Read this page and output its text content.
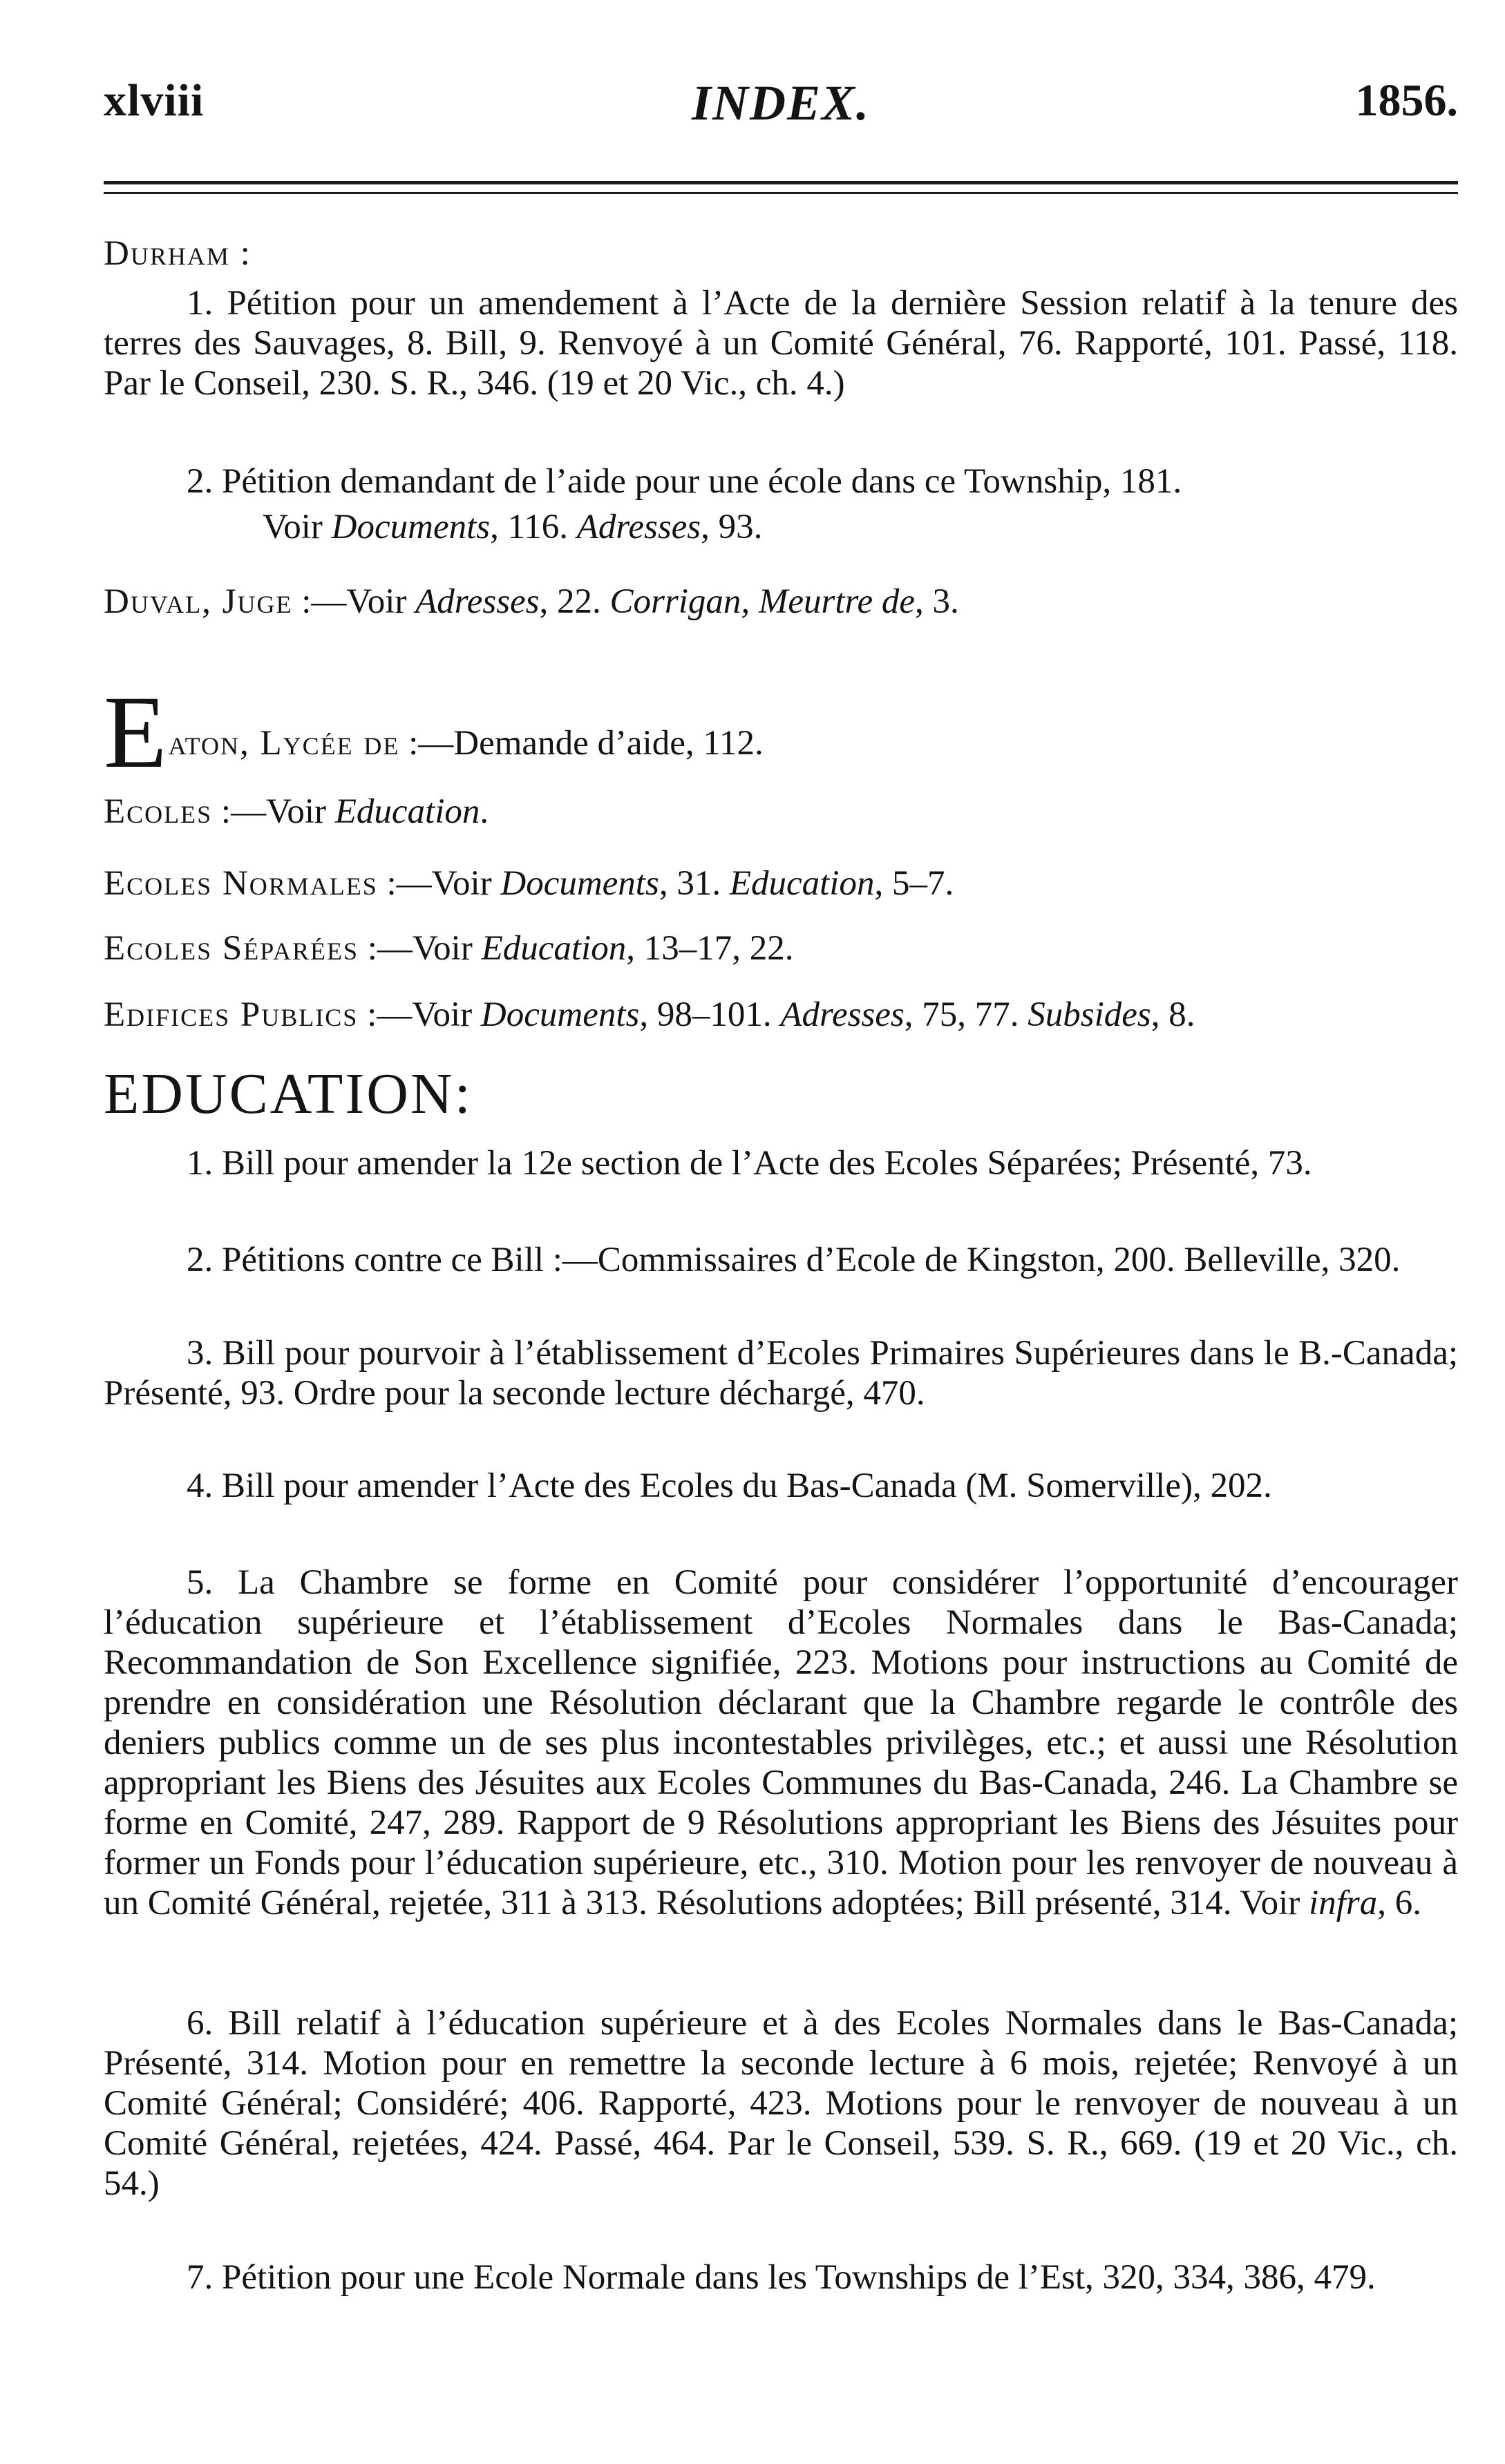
xlviii	INDEX.	1856.
Durham :
1. Pétition pour un amendement à l’Acte de la dernière Session relatif à la tenure des terres des Sauvages, 8. Bill, 9. Renvoyé à un Comité Général, 76. Rapporté, 101. Passé, 118. Par le Conseil, 230. S. R., 346. (19 et 20 Vic., ch. 4.)
2. Pétition demandant de l’aide pour une école dans ce Township, 181.
Voir Documents, 116. Adresses, 93.
Duval, Juge :—Voir Adresses, 22. Corrigan, Meurtre de, 3.
Eaton, Lycée de :—Demande d’aide, 112.
Ecoles :—Voir Education.
Ecoles Normales :—Voir Documents, 31. Education, 5–7.
Ecoles Séparées :—Voir Education, 13–17, 22.
Edifices Publics :—Voir Documents, 98–101. Adresses, 75, 77. Subsides, 8.
EDUCATION:
1. Bill pour amender la 12e section de l’Acte des Ecoles Séparées; Présenté, 73.
2. Pétitions contre ce Bill :—Commissaires d’Ecole de Kingston, 200. Belleville, 320.
3. Bill pour pourvoir à l’établissement d’Ecoles Primaires Supérieures dans le B.-Canada; Présenté, 93. Ordre pour la seconde lecture déchargé, 470.
4. Bill pour amender l’Acte des Ecoles du Bas-Canada (M. Somerville), 202.
5. La Chambre se forme en Comité pour considérer l’opportunité d’encourager l’éducation supérieure et l’établissement d’Ecoles Normales dans le Bas-Canada; Recommandation de Son Excellence signifiée, 223. Motions pour instructions au Comité de prendre en considération une Résolution déclarant que la Chambre regarde le contrôle des deniers publics comme un de ses plus incontestables privilèges, etc.; et aussi une Résolution appropriant les Biens des Jésuites aux Ecoles Communes du Bas-Canada, 246. La Chambre se forme en Comité, 247, 289. Rapport de 9 Résolutions appropriant les Biens des Jésuites pour former un Fonds pour l’éducation supérieure, etc., 310. Motion pour les renvoyer de nouveau à un Comité Général, rejetée, 311 à 313. Résolutions adoptées; Bill présenté, 314. Voir infra, 6.
6. Bill relatif à l’éducation supérieure et à des Ecoles Normales dans le Bas-Canada; Présenté, 314. Motion pour en remettre la seconde lecture à 6 mois, rejetée; Renvoyé à un Comité Général; Considéré; 406. Rapporté, 423. Motions pour le renvoyer de nouveau à un Comité Général, rejetées, 424. Passé, 464. Par le Conseil, 539. S. R., 669. (19 et 20 Vic., ch. 54.)
7. Pétition pour une Ecole Normale dans les Townships de l’Est, 320, 334, 386, 479.
